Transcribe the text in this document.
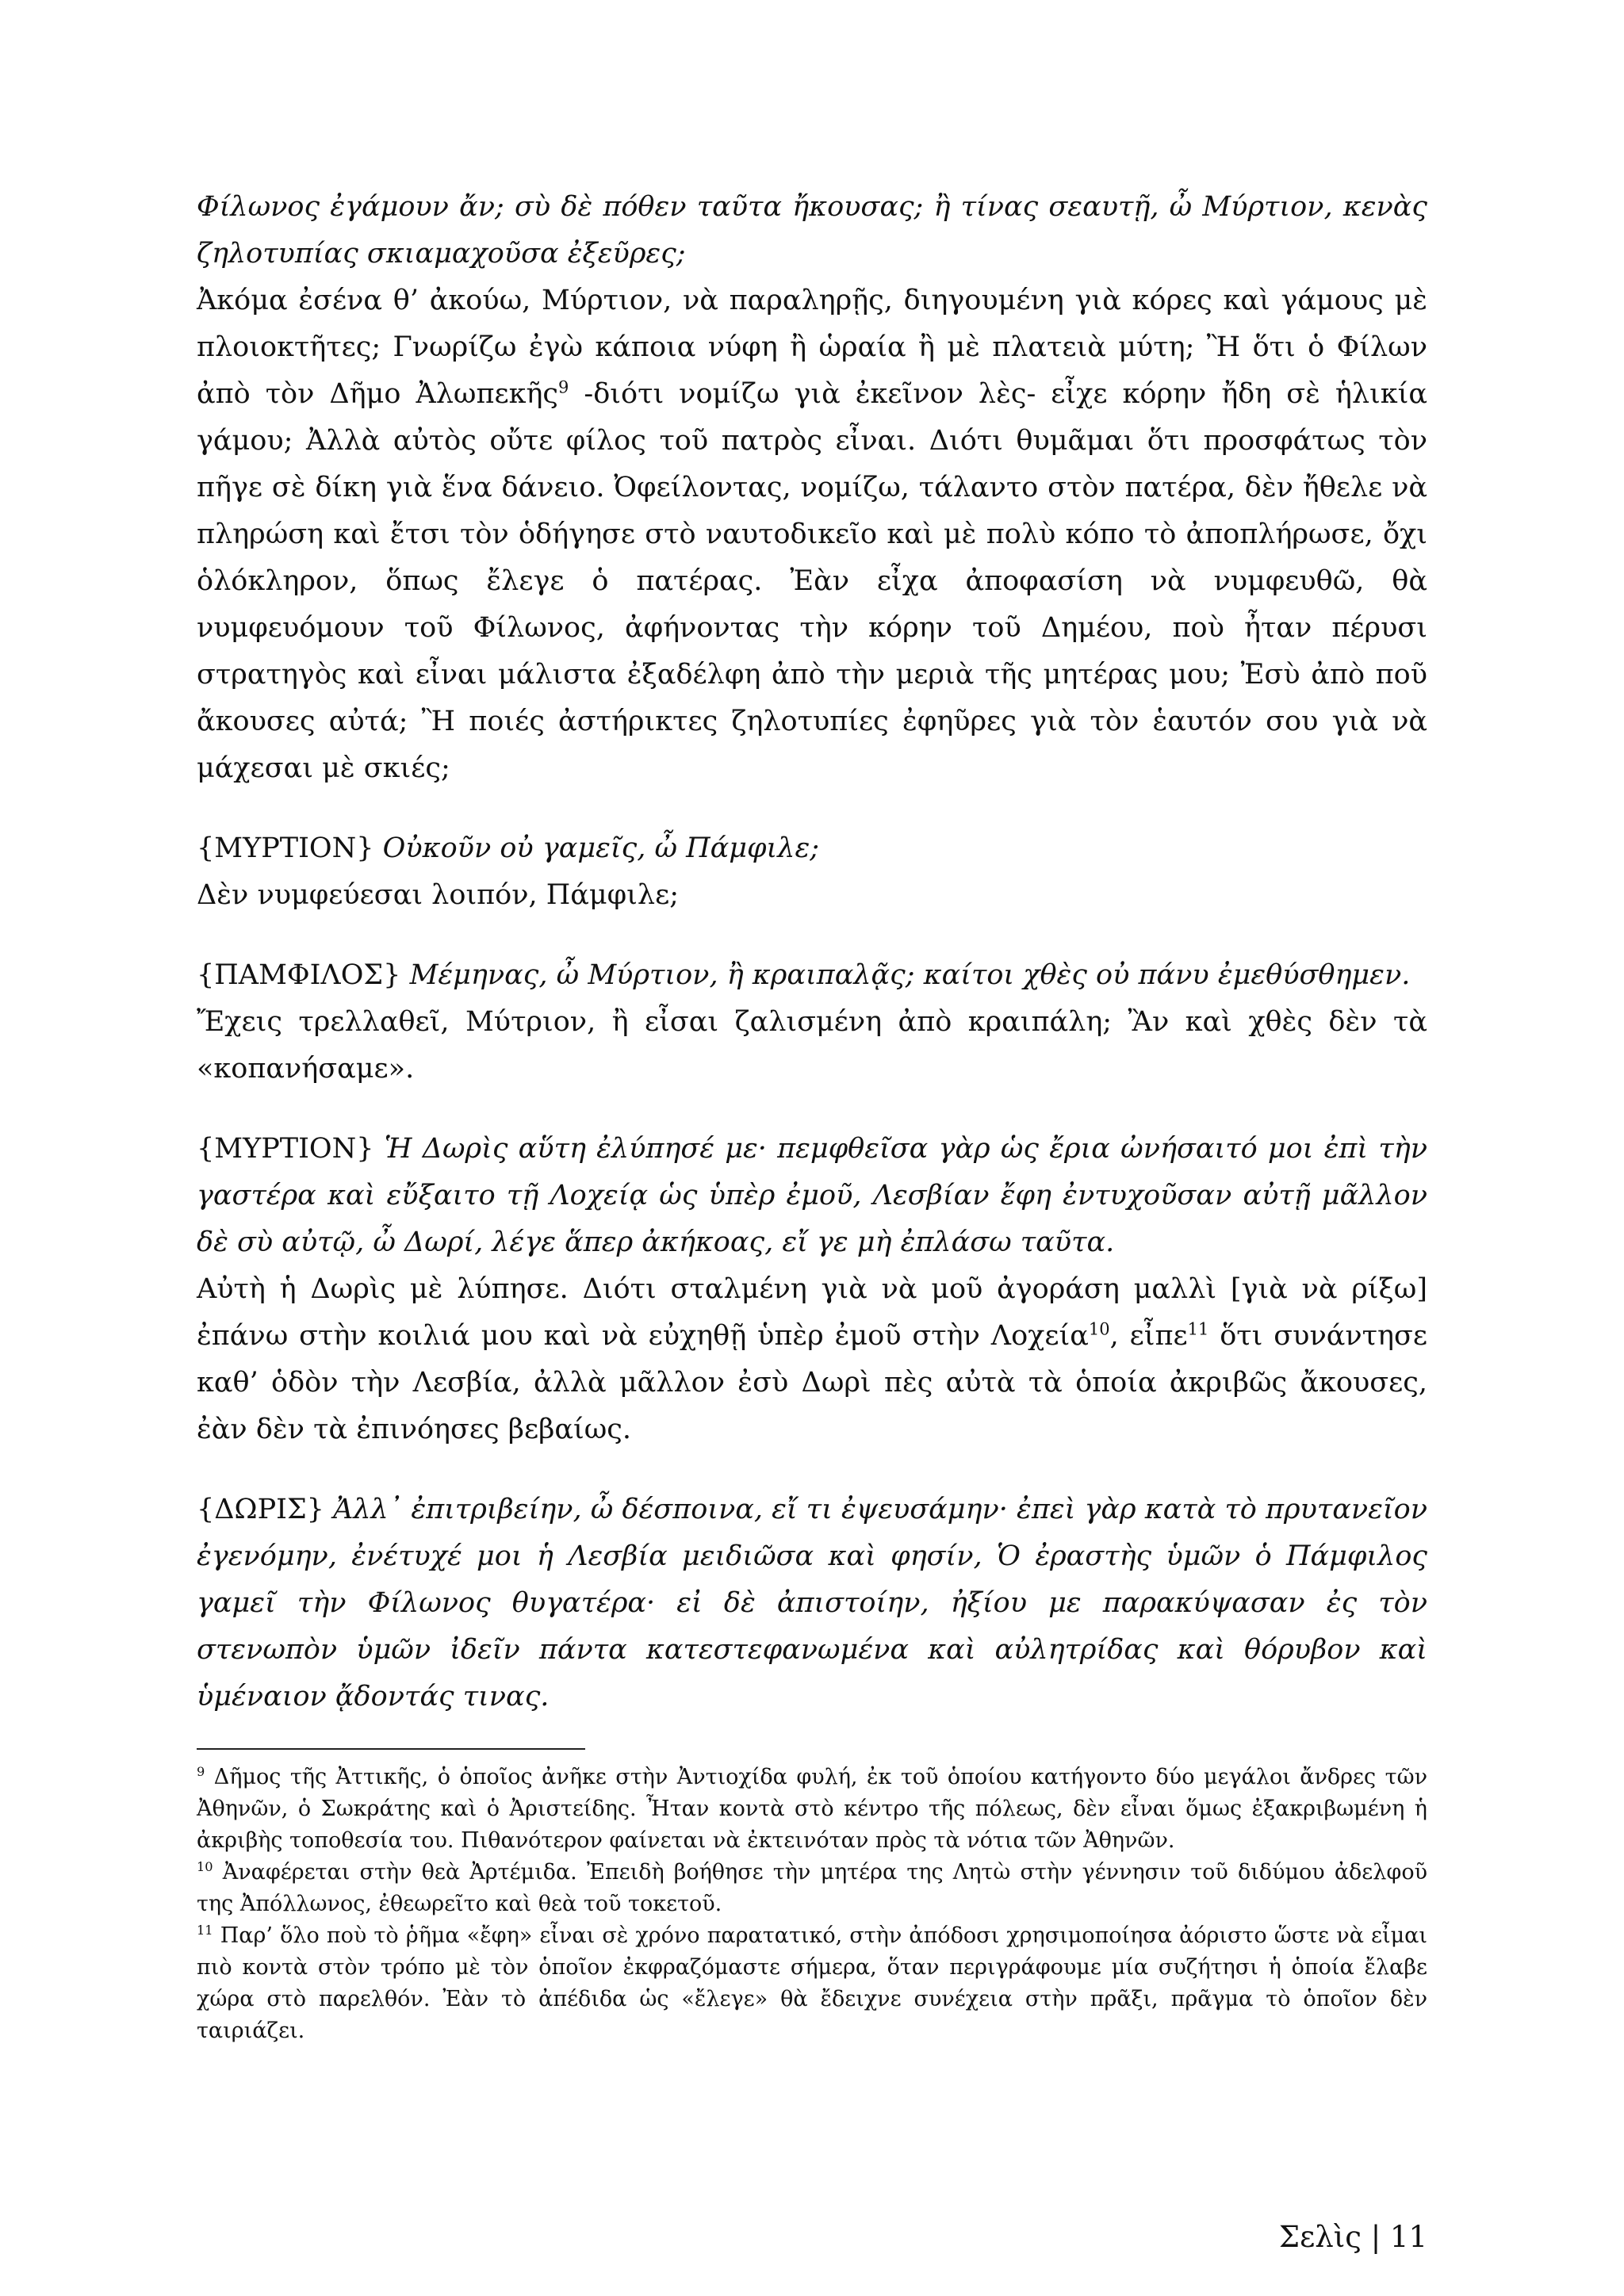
Φίλωνος ἐγάμουν ἄν; σὺ δὲ πόθεν ταῦτα ἤκουσας; ἢ τίνας σεαυτῇ, ὦ Μύρτιον, κενὰς ζηλοτυπίας σκιαμαχοῦσα ἐξεῦρες;
Ἀκόμα ἐσένα θ’ ἀκούω, Μύρτιον, νὰ παραληρῇς, διηγουμένη γιὰ κόρες καὶ γάμους μὲ πλοιοκτῆτες; Γνωρίζω ἐγὼ κάποια νύφη ἢ ὡραία ἢ μὲ πλατειὰ μύτη; Ἢ ὅτι ὁ Φίλων ἀπὸ τὸν Δῆμο Ἀλωπεκῆς$^9$ -διότι νομίζω γιὰ ἐκεῖνον λὲς- εἶχε κόρην ἤδη σὲ ἡλικία γάμου; Ἀλλὰ αὐτὸς οὔτε φίλος τοῦ πατρὸς εἶναι. Διότι θυμᾶμαι ὅτι προσφάτως τὸν πῆγε σὲ δίκη γιὰ ἕνα δάνειο. Ὀφείλοντας, νομίζω, τάλαντο στὸν πατέρα, δὲν ἤθελε νὰ πληρώση καὶ ἔτσι τὸν ὁδήγησε στὸ ναυτοδικεῖο καὶ μὲ πολὺ κόπο τὸ ἀποπλήρωσε, ὄχι ὁλόκληρον, ὅπως ἔλεγε ὁ πατέρας. Ἐὰν εἶχα ἀποφασίση νὰ νυμφευθῶ, θὰ νυμφευόμουν τοῦ Φίλωνος, ἀφήνοντας τὴν κόρην τοῦ Δημέου, ποὺ ἦταν πέρυσι στρατηγὸς καὶ εἶναι μάλιστα ἐξαδέλφη ἀπὸ τὴν μεριὰ τῆς μητέρας μου; Ἐσὺ ἀπὸ ποῦ ἄκουσες αὐτά; Ἢ ποιές ἀστήρικτες ζηλοτυπίες ἐφηῦρες γιὰ τὸν ἑαυτόν σου γιὰ νὰ μάχεσαι μὲ σκιές;

{ΜΥΡΤΙΟΝ} Οὐκοῦν οὐ γαμεῖς, ὦ Πάμφιλε;
Δὲν νυμφεύεσαι λοιπόν, Πάμφιλε;

{ΠΑΜΦΙΛΟΣ} Μέμηνας, ὦ Μύρτιον, ἢ κραιπαλᾷς; καίτοι χθὲς οὐ πάνυ ἐμεθύσθημεν.
Ἔχεις τρελλαθεῖ, Μύτριον, ἢ εἶσαι ζαλισμένη ἀπὸ κραιπάλη; Ἂν καὶ χθὲς δὲν τὰ «κοπανήσαμε».

{ΜΥΡΤΙΟΝ} Ἡ Δωρὶς αὕτη ἐλύπησέ με· πεμφθεῖσα γὰρ ὡς ἔρια ὠνήσαιτό μοι ἐπὶ τὴν γαστέρα καὶ εὔξαιτο τῇ Λοχείᾳ ὡς ὑπὲρ ἐμοῦ, Λεσβίαν ἔφη ἐντυχοῦσαν αὐτῇ μᾶλλον δὲ σὺ αὐτῷ, ὦ Δωρί, λέγε ἅπερ ἀκήκοας, εἴ γε μὴ ἐπλάσω ταῦτα.
Αὐτὴ ἡ Δωρὶς μὲ λύπησε. Διότι σταλμένη γιὰ νὰ μοῦ ἀγοράση μαλλὶ [γιὰ νὰ ρίξω] ἐπάνω στὴν κοιλιά μου καὶ νὰ εὐχηθῇ ὑπὲρ ἐμοῦ στὴν Λοχεία$^{10}$, εἶπε$^{11}$ ὅτι συνάντησε καθ’ ὁδὸν τὴν Λεσβία, ἀλλὰ μᾶλλον ἐσὺ Δωρὶ πὲς αὐτὰ τὰ ὁποία ἀκριβῶς ἄκουσες, ἐὰν δὲν τὰ ἐπινόησες βεβαίως.

{ΔΩΡΙΣ} Ἀλλ᾽ ἐπιτριβείην, ὦ δέσποινα, εἴ τι ἐψευσάμην· ἐπεὶ γὰρ κατὰ τὸ πρυτανεῖον ἐγενόμην, ἐνέτυχέ μοι ἡ Λεσβία μειδιῶσα καὶ φησίν, Ὁ ἐραστὴς ὑμῶν ὁ Πάμφιλος γαμεῖ τὴν Φίλωνος θυγατέρα· εἰ δὲ ἀπιστοίην, ἠξίου με παρακύψασαν ἐς τὸν στενωπὸν ὑμῶν ἰδεῖν πάντα κατεστεφανωμένα καὶ αὐλητρίδας καὶ θόρυβον καὶ ὑμέναιον ᾄδοντάς τινας.

$^9$ Δῆμος τῆς Ἀττικῆς, ὁ ὁποῖος ἀνῆκε στὴν Ἀντιοχίδα φυλή, ἐκ τοῦ ὁποίου κατήγοντο δύο μεγάλοι ἄνδρες τῶν Ἀθηνῶν, ὁ Σωκράτης καὶ ὁ Ἀριστείδης. Ἦταν κοντὰ στὸ κέντρο τῆς πόλεως, δὲν εἶναι ὅμως ἐξακριβωμένη ἡ ἀκριβὴς τοποθεσία του. Πιθανότερον φαίνεται νὰ ἐκτεινόταν πρὸς τὰ νότια τῶν Ἀθηνῶν.

$^{10}$ Ἀναφέρεται στὴν θεὰ Ἀρτέμιδα. Ἐπειδὴ βοήθησε τὴν μητέρα της Λητὼ στὴν γέννησιν τοῦ διδύμου ἀδελφοῦ της Ἀπόλλωνος, ἐθεωρεῖτο καὶ θεὰ τοῦ τοκετοῦ.

$^{11}$ Παρ’ ὅλο ποὺ τὸ ῥῆμα «ἔφη» εἶναι σὲ χρόνο παρατατικό, στὴν ἀπόδοσι χρησιμοποίησα ἀόριστο ὥστε νὰ εἶμαι πιὸ κοντὰ στὸν τρόπο μὲ τὸν ὁποῖον ἐκφραζόμαστε σήμερα, ὅταν περιγράφουμε μία συζήτησι ἡ ὁποία ἔλαβε χώρα στὸ παρελθόν. Ἐὰν τὸ ἀπέδιδα ὡς «ἔλεγε» θὰ ἔδειχνε συνέχεια στὴν πρᾶξι, πρᾶγμα τὸ ὁποῖον δὲν ταιριάζει.

Σελὶς | 11
